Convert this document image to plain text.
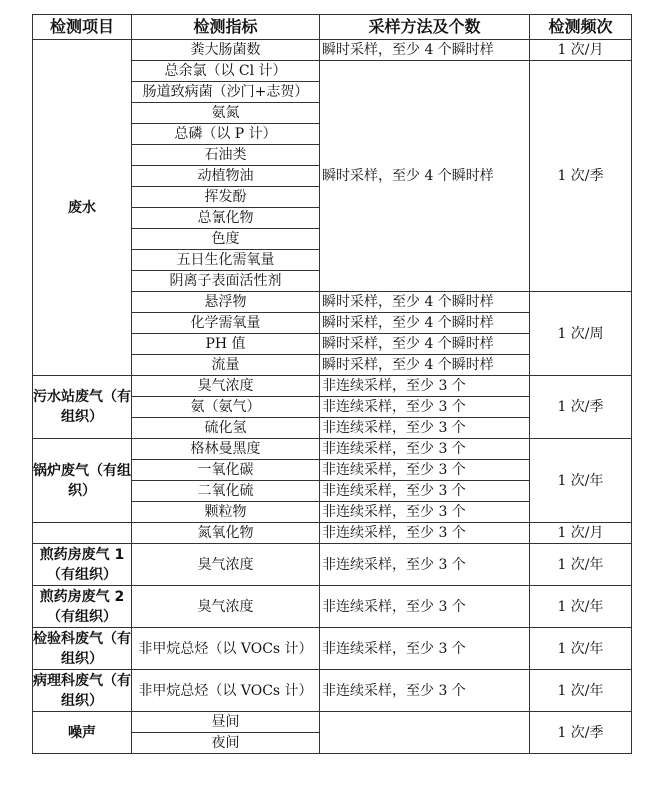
检测项目	检测指标	采样方法及个数	检测频次
废水	粪大肠菌数	瞬时采样，至少 4 个瞬时样	1 次/月
	总余氯（以 Cl 计）	瞬时采样，至少 4 个瞬时样	1 次/季
	肠道致病菌（沙门+志贺）		
	氨氮		
	总磷（以 P 计）		
	石油类		
	动植物油		
	挥发酚		
	总氰化物		
	色度		
	五日生化需氧量		
	阴离子表面活性剂		
	悬浮物	瞬时采样，至少 4 个瞬时样	1 次/周
	化学需氧量	瞬时采样，至少 4 个瞬时样	
	PH 值	瞬时采样，至少 4 个瞬时样	
	流量	瞬时采样，至少 4 个瞬时样	
污水站废气（有组织）	臭气浓度	非连续采样，至少 3 个	1 次/季
	氨（氨气）	非连续采样，至少 3 个	
	硫化氢	非连续采样，至少 3 个	
锅炉废气（有组织）	格林曼黑度	非连续采样，至少 3 个	1 次/年
	一氧化碳	非连续采样，至少 3 个	
	二氧化硫	非连续采样，至少 3 个	
	颗粒物	非连续采样，至少 3 个	
	氮氧化物	非连续采样，至少 3 个	1 次/月
煎药房废气 1（有组织）	臭气浓度	非连续采样，至少 3 个	1 次/年
煎药房废气 2（有组织）	臭气浓度	非连续采样，至少 3 个	1 次/年
检验科废气（有组织）	非甲烷总烃（以 VOCs 计）	非连续采样，至少 3 个	1 次/年
病理科废气（有组织）	非甲烷总烃（以 VOCs 计）	非连续采样，至少 3 个	1 次/年
噪声	昼间		1 次/季
	夜间		
